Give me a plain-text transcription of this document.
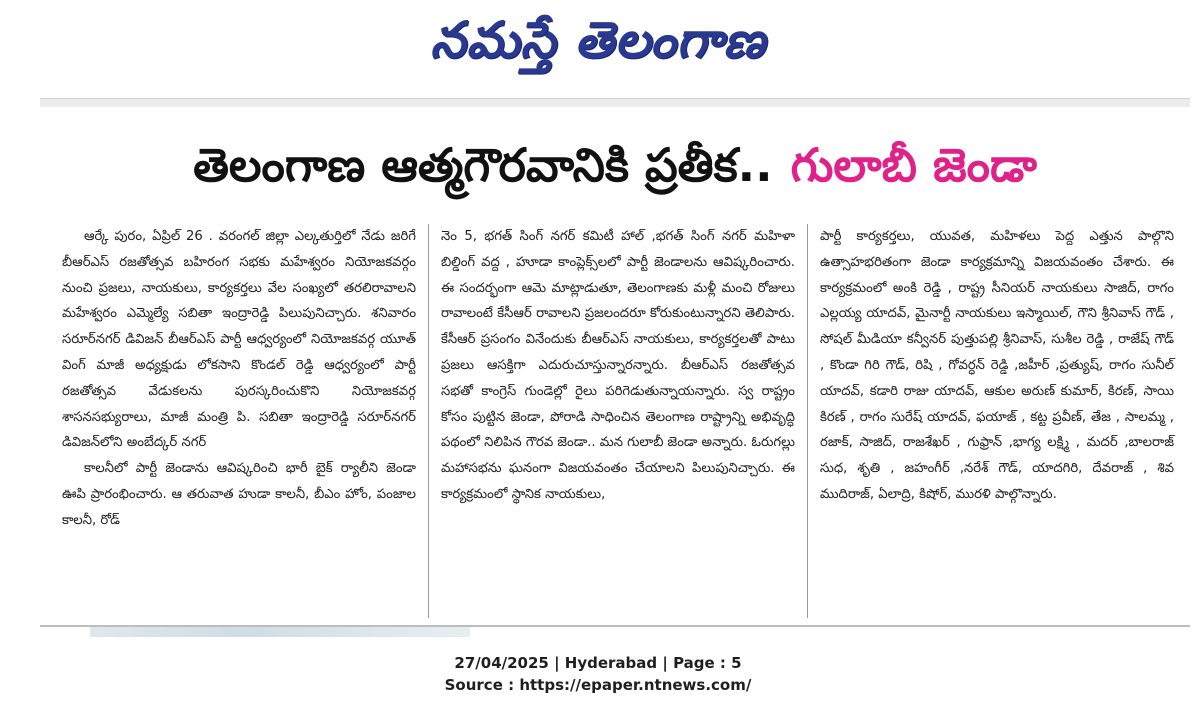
నమస్తే తెలంగాణ
తెలంగాణ ఆత్మగౌరవానికి ప్రతీక.. గులాబీ జెండా

ఆర్కే పురం, ఏప్రిల్ 26 . వరంగల్ జిల్లా ఎల్కతుర్తిలో నేడు జరిగే బీఆర్ఎస్ రజతోత్సవ బహిరంగ సభకు మహేశ్వరం నియోజకవర్గం నుంచి ప్రజలు, నాయకులు, కార్యకర్తలు వేల సంఖ్యలో తరలిరావాలని మహేశ్వరం ఎమ్మెల్యే సబితా ఇంద్రారెడ్డి పిలుపునిచ్చారు. శనివారం సరూర్‌నగర్ డివిజన్ బీఆర్ఎస్ పార్టీ ఆధ్వర్యంలో నియోజకవర్గ యూత్ వింగ్ మాజీ అధ్యక్షుడు లోకసాని కొండల్ రెడ్డి ఆధ్వర్యంలో పార్టీ రజతోత్సవ వేడుకలను పురస్కరించుకొని నియోజకవర్గ శాసనసభ్యురాలు, మాజీ మంత్రి పి. సబితా ఇంద్రారెడ్డి సరూర్‌నగర్ డివిజన్‌లోని అంబేద్కర్ నగర్

కాలనీలో పార్టీ జెండాను ఆవిష్కరించి భారీ బైక్ ర్యాలీని జెండా ఊపి ప్రారంభించారు. ఆ తరువాత హుడా కాలనీ, బీఎం హోం, పంజాల కాలనీ, రోడ్

నెం 5, భగత్ సింగ్ నగర్ కమిటీ హాల్ ,భగత్ సింగ్ నగర్ మహిళా బిల్డింగ్ వద్ద , హూడా కాంప్లెక్స్‌లలో పార్టీ జెండాలను ఆవిష్కరించారు. ఈ సందర్భంగా ఆమె మాట్లాడుతూ, తెలంగాణకు మళ్లీ మంచి రోజులు రావాలంటే కేసీఆర్ రావాలని ప్రజలందరూ కోరుకుంటున్నారని తెలిపారు. కేసీఆర్ ప్రసంగం వినేందుకు బీఆర్ఎస్ నాయకులు, కార్యకర్తలతో పాటు ప్రజలు ఆసక్తిగా ఎదురుచూస్తున్నారన్నారు. బీఆర్ఎస్ రజతోత్సవ సభతో కాంగ్రెస్ గుండెల్లో రైలు పరిగెడుతున్నాయన్నారు. స్వ రాష్ట్రం కోసం పుట్టిన జెండా, పోరాడి సాధించిన తెలంగాణ రాష్ట్రాన్ని అభివృద్ధి పథంలో నిలిపిన గౌరవ జెండా.. మన గులాబీ జెండా అన్నారు. ఓరుగల్లు మహాసభను ఘనంగా విజయవంతం చేయాలని పిలుపునిచ్చారు. ఈ కార్యక్రమంలో స్థానిక నాయకులు,

పార్టీ కార్యకర్తలు, యువత, మహిళలు పెద్ద ఎత్తున పాల్గొని ఉత్సాహభరితంగా జెండా కార్యక్రమాన్ని విజయవంతం చేశారు. ఈ కార్యక్రమంలో అంకి రెడ్డి , రాష్ట్ర సీనియర్ నాయకులు సాజిద్, రాగం ఎల్లయ్య యాదవ్, మైనార్టీ నాయకులు ఇస్మాయిల్, గౌని శ్రీనివాస్ గౌడ్ , సోషల్ మీడియా కన్వీనర్ పుత్తుపల్లి శ్రీనివాస్, సుశీల రెడ్డి , రాజేష్ గౌడ్ , కొండా గిరి గౌడ్, రిషి , గోవర్ధన్ రెడ్డి ,జహీర్ ,ప్రత్యుష్, రాగం సునీల్ యాదవ్, కడారి రాజు యాదవ్, ఆకుల అరుణ్ కుమార్, కిరణ్, సాయి కిరణ్ , రాగం సురేష్ యాదవ్, ఫయాజ్ , కట్ట ప్రవీణ్, తేజ , సాలమ్మ , రజాక్, సాజిద్, రాజశేఖర్ , గుఫ్రాన్ ,భాగ్య లక్ష్మి , మదర్ ,బాలరాజ్ సుధ, శృతి , జహంగీర్ ,నరేశ్ గౌడ్, యాదగిరి, దేవరాజ్ , శివ ముదిరాజ్, ఏలాద్రి, కిషోర్, మురళి పాల్గొన్నారు.

27/04/2025 | Hyderabad | Page : 5
Source : https://epaper.ntnews.com/
